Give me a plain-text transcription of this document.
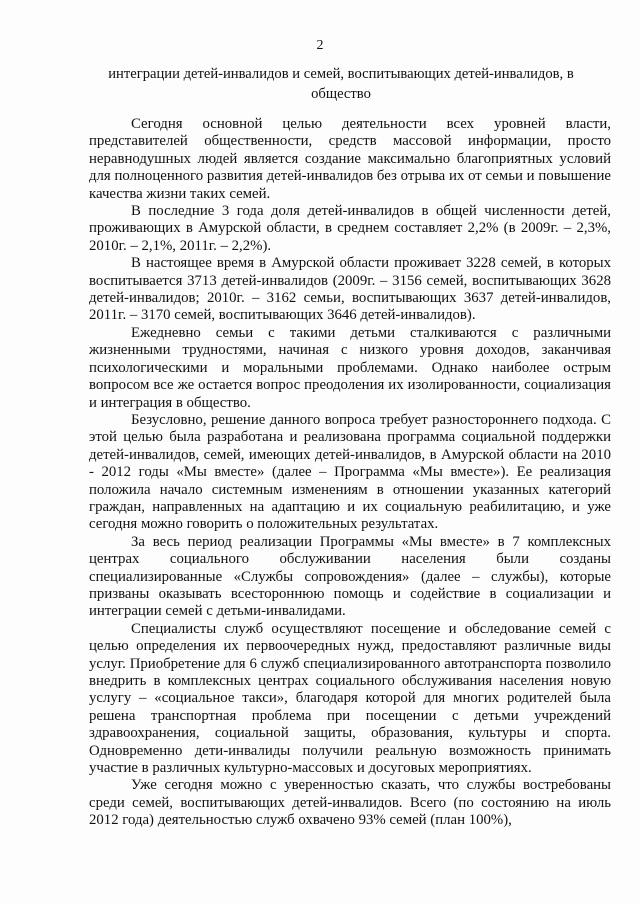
2
интеграции детей-инвалидов и семей, воспитывающих детей-инвалидов, в общество

Сегодня основной целью деятельности всех уровней власти, представителей общественности, средств массовой информации, просто неравнодушных людей является создание максимально благоприятных условий для полноценного развития детей-инвалидов без отрыва их от семьи и повышение качества жизни таких семей.

В последние 3 года доля детей-инвалидов в общей численности детей, проживающих в Амурской области, в среднем составляет 2,2% (в 2009г. – 2,3%, 2010г. – 2,1%, 2011г. – 2,2%).

В настоящее время в Амурской области проживает 3228 семей, в которых воспитывается 3713 детей-инвалидов (2009г. – 3156 семей, воспитывающих 3628 детей-инвалидов; 2010г. – 3162 семьи, воспитывающих 3637 детей-инвалидов, 2011г. – 3170 семей, воспитывающих 3646 детей-инвалидов).

Ежедневно семьи с такими детьми сталкиваются с различными жизненными трудностями, начиная с низкого уровня доходов, заканчивая психологическими и моральными проблемами. Однако наиболее острым вопросом все же остается вопрос преодоления их изолированности, социализация и интеграция в общество.

Безусловно, решение данного вопроса требует разностороннего подхода. С этой целью была разработана и реализована программа социальной поддержки детей-инвалидов, семей, имеющих детей-инвалидов, в Амурской области на 2010 - 2012 годы «Мы вместе» (далее – Программа «Мы вместе»). Ее реализация положила начало системным изменениям в отношении указанных категорий граждан, направленных на адаптацию и их социальную реабилитацию, и уже сегодня можно говорить о положительных результатах.

За весь период реализации Программы «Мы вместе» в 7 комплексных центрах социального обслуживании населения были созданы специализированные «Службы сопровождения» (далее – службы), которые призваны оказывать всестороннюю помощь и содействие в социализации и интеграции семей с детьми-инвалидами.

Специалисты служб осуществляют посещение и обследование семей с целью определения их первоочередных нужд, предоставляют различные виды услуг. Приобретение для 6 служб специализированного автотранспорта позволило внедрить в комплексных центрах социального обслуживания населения новую услугу – «социальное такси», благодаря которой для многих родителей была решена транспортная проблема при посещении с детьми учреждений здравоохранения, социальной защиты, образования, культуры и спорта. Одновременно дети-инвалиды получили реальную возможность принимать участие в различных культурно-массовых и досуговых мероприятиях.

Уже сегодня можно с уверенностью сказать, что службы востребованы среди семей, воспитывающих детей-инвалидов. Всего (по состоянию на июль 2012 года) деятельностью служб охвачено 93% семей (план 100%),
